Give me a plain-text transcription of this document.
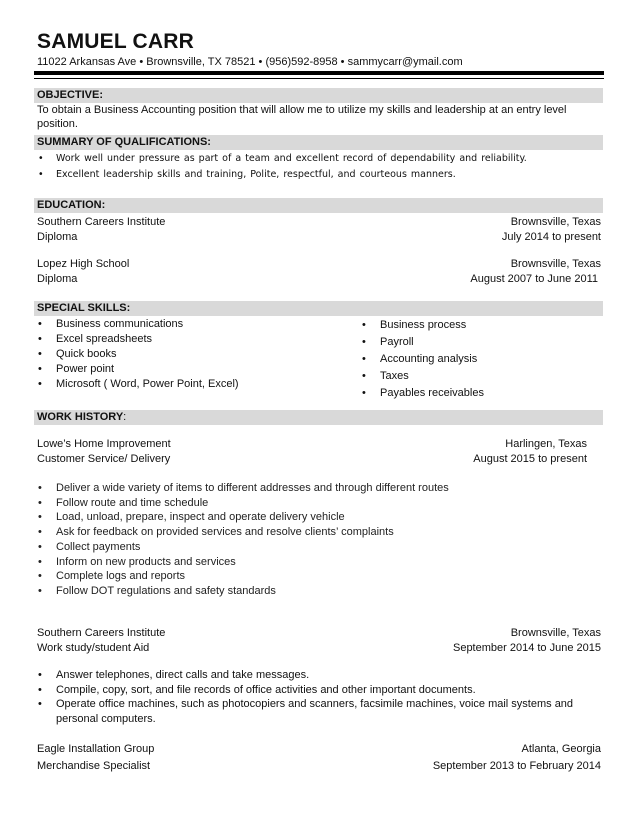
SAMUEL CARR
11022 Arkansas Ave • Brownsville, TX 78521 • (956)592-8958 • sammycarr@ymail.com
OBJECTIVE:
To obtain a Business Accounting position that will allow me to utilize my skills and leadership at an entry level position.
SUMMARY OF QUALIFICATIONS:
• Work well under pressure as part of a team and excellent record of dependability and reliability.
• Excellent leadership skills and training, Polite, respectful, and courteous manners.
EDUCATION:
Southern Careers Institute	Brownsville, Texas
Diploma	July 2014 to present
Lopez High School	Brownsville, Texas
Diploma	August 2007 to June 2011
SPECIAL SKILLS:
• Business communications
• Excel spreadsheets
• Quick books
• Power point
• Microsoft ( Word, Power Point, Excel)
• Business process
• Payroll
• Accounting analysis
• Taxes
• Payables receivables
WORK HISTORY:
Lowe’s Home Improvement	Harlingen, Texas
Customer Service/ Delivery	August 2015 to present
• Deliver a wide variety of items to different addresses and through different routes
• Follow route and time schedule
• Load, unload, prepare, inspect and operate delivery vehicle
• Ask for feedback on provided services and resolve clients’ complaints
• Collect payments
• Inform on new products and services
• Complete logs and reports
• Follow DOT regulations and safety standards
Southern Careers Institute	Brownsville, Texas
Work study/student Aid	September 2014 to June 2015
• Answer telephones, direct calls and take messages.
• Compile, copy, sort, and file records of office activities and other important documents.
• Operate office machines, such as photocopiers and scanners, facsimile machines, voice mail systems and personal computers.
Eagle Installation Group	Atlanta, Georgia
Merchandise Specialist	September 2013 to February 2014
